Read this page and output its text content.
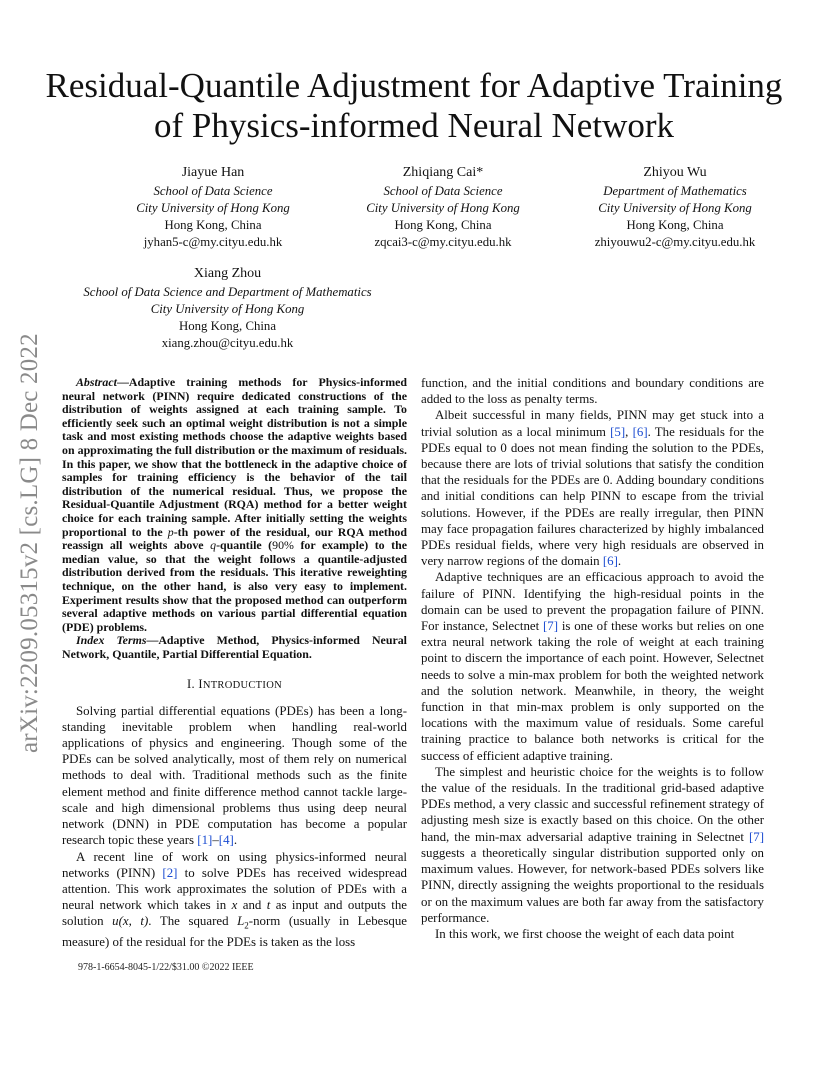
arXiv:2209.05315v2 [cs.LG] 8 Dec 2022
Residual-Quantile Adjustment for Adaptive Training
of Physics-informed Neural Network
Jiayue Han
School of Data Science
City University of Hong Kong
Hong Kong, China
jyhan5-c@my.cityu.edu.hk
Zhiqiang Cai*
School of Data Science
City University of Hong Kong
Hong Kong, China
zqcai3-c@my.cityu.edu.hk
Zhiyou Wu
Department of Mathematics
City University of Hong Kong
Hong Kong, China
zhiyouwu2-c@my.cityu.edu.hk
Xiang Zhou
School of Data Science and Department of Mathematics
City University of Hong Kong
Hong Kong, China
xiang.zhou@cityu.edu.hk

Abstract—Adaptive training methods for Physics-informed neural network (PINN) require dedicated constructions of the distribution of weights assigned at each training sample. To efficiently seek such an optimal weight distribution is not a simple task and most existing methods choose the adaptive weights based on approximating the full distribution or the maximum of residuals. In this paper, we show that the bottleneck in the adaptive choice of samples for training efficiency is the behavior of the tail distribution of the numerical residual. Thus, we propose the Residual-Quantile Adjustment (RQA) method for a better weight choice for each training sample. After initially setting the weights proportional to the p-th power of the residual, our RQA method reassign all weights above q-quantile (90% for example) to the median value, so that the weight follows a quantile-adjusted distribution derived from the residuals. This iterative reweighting technique, on the other hand, is also very easy to implement. Experiment results show that the proposed method can outperform several adaptive methods on various partial differential equation (PDE) problems.

Index Terms—Adaptive Method, Physics-informed Neural Network, Quantile, Partial Differential Equation.

I. INTRODUCTION

Solving partial differential equations (PDEs) has been a long-standing inevitable problem when handling real-world applications of physics and engineering. Though some of the PDEs can be solved analytically, most of them rely on numerical methods to deal with. Traditional methods such as the finite element method and finite difference method cannot tackle large-scale and high dimensional problems thus using deep neural network (DNN) in PDE computation has become a popular research topic these years [1]–[4].

A recent line of work on using physics-informed neural networks (PINN) [2] to solve PDEs has received widespread attention. This work approximates the solution of PDEs with a neural network which takes in x and t as input and outputs the solution u(x, t). The squared $L_2$-norm (usually in Lebesque measure) of the residual for the PDEs is taken as the loss

function, and the initial conditions and boundary conditions are added to the loss as penalty terms.

Albeit successful in many fields, PINN may get stuck into a trivial solution as a local minimum [5], [6]. The residuals for the PDEs equal to 0 does not mean finding the solution to the PDEs, because there are lots of trivial solutions that satisfy the condition that the residuals for the PDEs are 0. Adding boundary conditions and initial conditions can help PINN to escape from the trivial solutions. However, if the PDEs are really irregular, then PINN may face propagation failures characterized by highly imbalanced PDEs residual fields, where very high residuals are observed in very narrow regions of the domain [6].

Adaptive techniques are an efficacious approach to avoid the failure of PINN. Identifying the high-residual points in the domain can be used to prevent the propagation failure of PINN. For instance, Selectnet [7] is one of these works but relies on one extra neural network taking the role of weight at each training point to discern the importance of each point. However, Selectnet needs to solve a min-max problem for both the weighted network and the solution network. Meanwhile, in theory, the weight function in that min-max problem is only supported on the locations with the maximum value of residuals. Some careful training practice to balance both networks is critical for the success of efficient adaptive training.

The simplest and heuristic choice for the weights is to follow the value of the residuals. In the traditional grid-based adaptive PDEs method, a very classic and successful refinement strategy of adjusting mesh size is exactly based on this choice. On the other hand, the min-max adversarial adaptive training in Selectnet [7] suggests a theoretically singular distribution supported only on maximum values. However, for network-based PDEs solvers like PINN, directly assigning the weights proportional to the residuals or on the maximum values are both far away from the satisfactory performance.

In this work, we first choose the weight of each data point

978-1-6654-8045-1/22/$31.00 ©2022 IEEE
